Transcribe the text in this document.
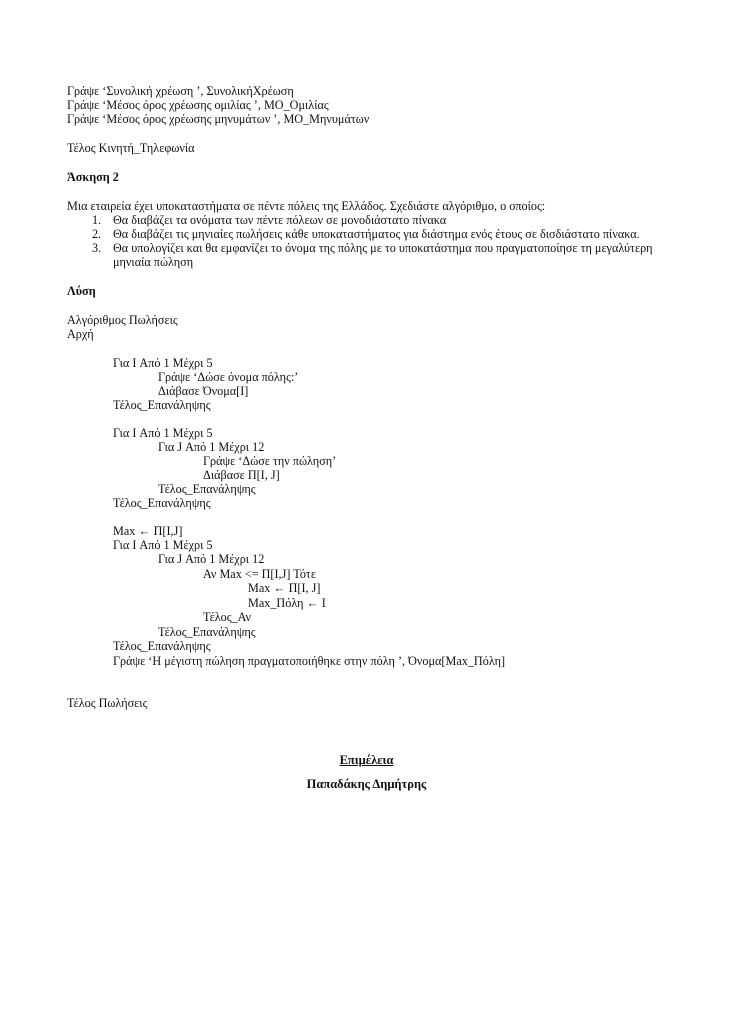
Γράψε ‘Συνολική χρέωση ’, ΣυνολικήΧρέωση
Γράψε ‘Μέσος όρος χρέωσης ομιλίας ’, ΜΟ_Ομιλίας
Γράψε ‘Μέσος όρος χρέωσης μηνυμάτων ’, ΜΟ_Μηνυμάτων
Τέλος Κινητή_Τηλεφωνία
Άσκηση 2
Μια εταιρεία έχει υποκαταστήματα σε πέντε πόλεις της Ελλάδος. Σχεδιάστε αλγόριθμο, ο οποίος:
1. Θα διαβάζει τα ονόματα των πέντε πόλεων σε μονοδιάστατο πίνακα
2. Θα διαβάζει τις μηνιαίες πωλήσεις κάθε υποκαταστήματος για διάστημα ενός έτους σε δισδιάστατο πίνακα.
3. Θα υπολογίζει και θα εμφανίζει το όνομα της πόλης με το υποκατάστημα που πραγματοποίησε τη μεγαλύτερη
μηνιαία πώληση
Λύση
Αλγόριθμος Πωλήσεις
Αρχή
Για I Από 1 Μέχρι 5
Γράψε ‘Δώσε όνομα πόλης:’
Διάβασε Όνομα[I]
Τέλος_Επανάληψης
Για I Από 1 Μέχρι 5
Για J Από 1 Μέχρι 12
Γράψε ‘Δώσε την πώληση’
Διάβασε Π[I, J]
Τέλος_Επανάληψης
Τέλος_Επανάληψης
Max ← Π[I,J]
Για I Από 1 Μέχρι 5
Για J Από 1 Μέχρι 12
Αν Max <= Π[I,J] Τότε
Max ← Π[I, J]
Max_Πόλη ← I
Τέλος_Αν
Τέλος_Επανάληψης
Τέλος_Επανάληψης
Γράψε ‘Η μέγιστη πώληση πραγματοποιήθηκε στην πόλη ’, Όνομα[Max_Πόλη]
Τέλος Πωλήσεις
Επιμέλεια
Παπαδάκης Δημήτρης
